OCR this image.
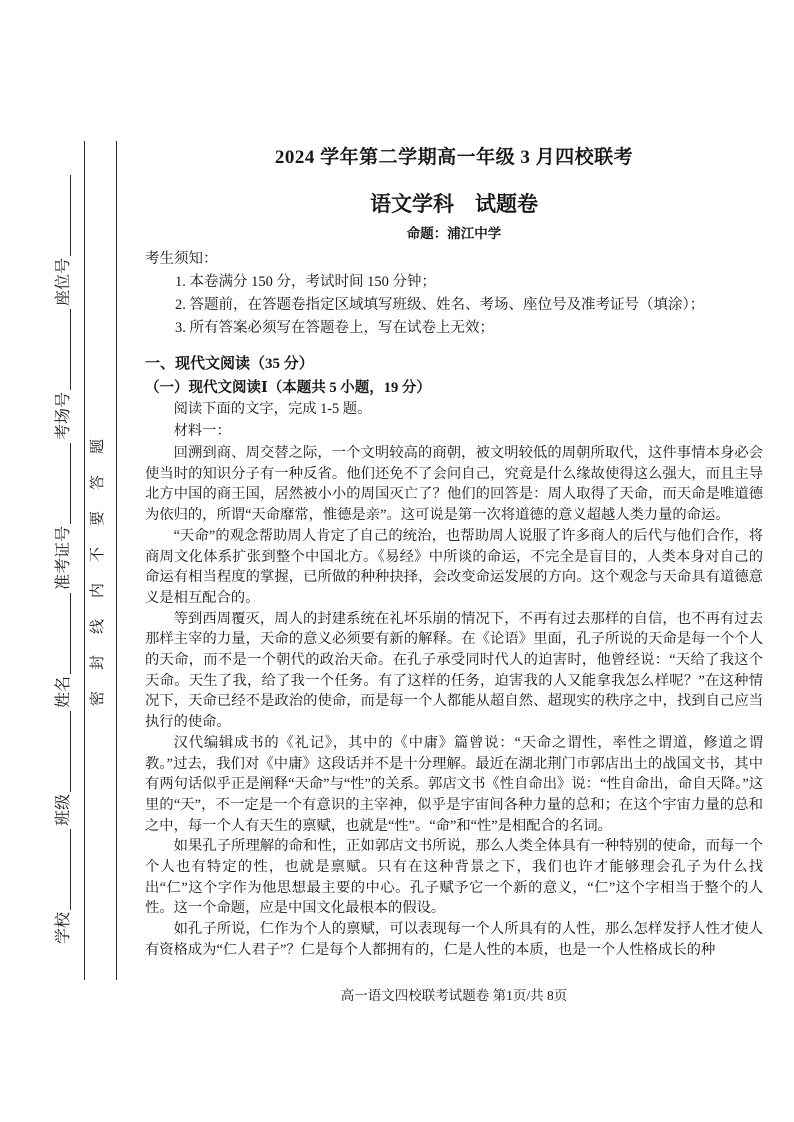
学校
班级
姓名
准考证号
考场号
座位号
密封线内不要答题
2024 学年第二学期高一年级 3 月四校联考
语文学科　试题卷
命题：浦江中学
考生须知：
1. 本卷满分 150 分，考试时间 150 分钟；
2. 答题前，在答题卷指定区域填写班级、姓名、考场、座位号及准考证号（填涂）；
3. 所有答案必须写在答题卷上，写在试卷上无效；
一、现代文阅读（35 分）
（一）现代文阅读Ⅰ（本题共 5 小题，19 分）
阅读下面的文字，完成 1-5 题。
材料一：

回溯到商、周交替之际，一个文明较高的商朝，被文明较低的周朝所取代，这件事情本身必会使当时的知识分子有一种反省。他们还免不了会问自己，究竟是什么缘故使得这么强大，而且主导北方中国的商王国，居然被小小的周国灭亡了？他们的回答是：周人取得了天命，而天命是唯道德为依归的，所谓“天命靡常，惟德是亲”。这可说是第一次将道德的意义超越人类力量的命运。

“天命”的观念帮助周人肯定了自己的统治，也帮助周人说服了许多商人的后代与他们合作，将商周文化体系扩张到整个中国北方。《易经》中所谈的命运，不完全是盲目的，人类本身对自己的命运有相当程度的掌握，已所做的种种抉择，会改变命运发展的方向。这个观念与天命具有道德意义是相互配合的。

等到西周覆灭，周人的封建系统在礼坏乐崩的情况下，不再有过去那样的自信，也不再有过去那样主宰的力量，天命的意义必须要有新的解释。在《论语》里面，孔子所说的天命是每一个个人的天命，而不是一个朝代的政治天命。在孔子承受同时代人的迫害时，他曾经说：“天给了我这个天命。天生了我，给了我一个任务。有了这样的任务，迫害我的人又能拿我怎么样呢？”在这种情况下，天命已经不是政治的使命，而是每一个人都能从超自然、超现实的秩序之中，找到自己应当执行的使命。

汉代编辑成书的《礼记》，其中的《中庸》篇曾说：“天命之谓性，率性之谓道，修道之谓教。”过去，我们对《中庸》这段话并不是十分理解。最近在湖北荆门市郭店出土的战国文书，其中有两句话似乎正是阐释“天命”与“性”的关系。郭店文书《性自命出》说：“性自命出，命自天降。”这里的“天”，不一定是一个有意识的主宰神，似乎是宇宙间各种力量的总和；在这个宇宙力量的总和之中，每一个人有天生的禀赋，也就是“性”。“命”和“性”是相配合的名词。

如果孔子所理解的命和性，正如郭店文书所说，那么人类全体具有一种特别的使命，而每一个个人也有特定的性，也就是禀赋。只有在这种背景之下，我们也许才能够理会孔子为什么找出“仁”这个字作为他思想最主要的中心。孔子赋予它一个新的意义，“仁”这个字相当于整个的人性。这一个命题，应是中国文化最根本的假设。

如孔子所说，仁作为个人的禀赋，可以表现每一个人所具有的人性，那么怎样发抒人性才使人有资格成为“仁人君子”？仁是每个人都拥有的，仁是人性的本质，也是一个人性格成长的种

高一语文四校联考试题卷 第1页/共 8页
